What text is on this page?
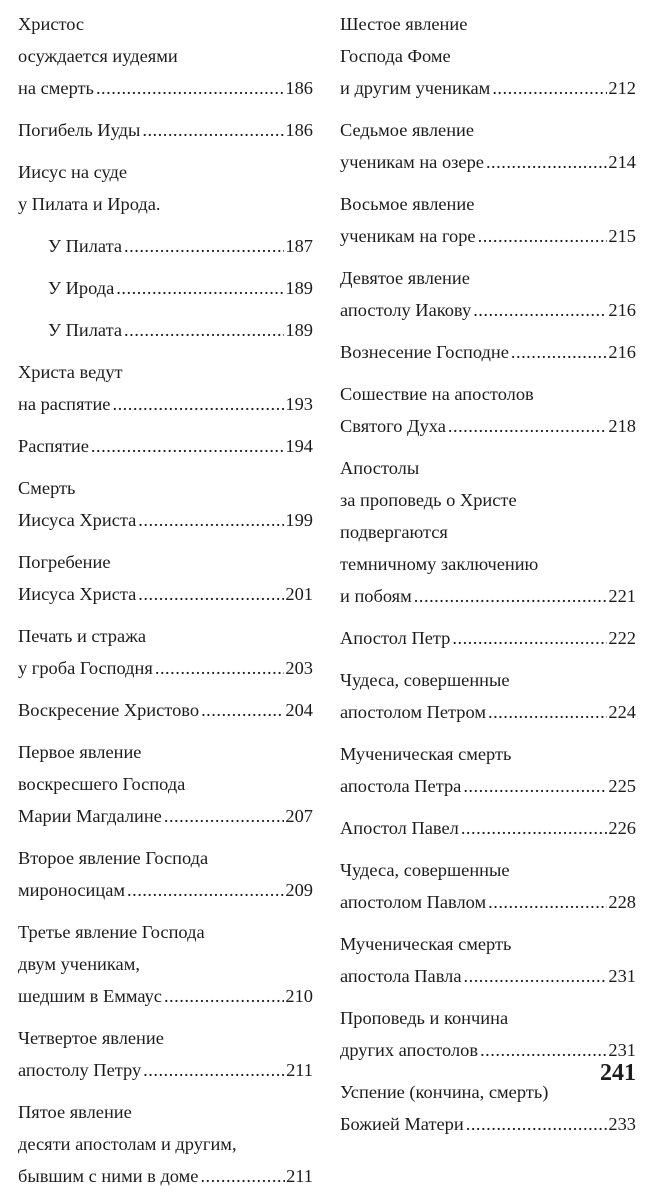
Христос
осуждается иудеями
на смерть .....	186
Погибель Иуды .....	186
Иисус на суде
у Пилата и Ирода.
У Пилата .....	187
У Ирода .....	189
У Пилата .....	189
Христа ведут
на распятие .....	193
Распятие .....	194
Смерть
Иисуса Христа .....	199
Погребение
Иисуса Христа .....	201
Печать и стража
у гроба Господня .....	203
Воскресение Христово .....	204
Первое явление
воскресшего Господа
Марии Магдалине .....	207
Второе явление Господа
мироносицам .....	209
Третье явление Господа
двум ученикам,
шедшим в Еммаус .....	210
Четвертое явление
апостолу Петру .....	211
Пятое явление
десяти апостолам и другим,
бывшим с ними в доме .....	211
Шестое явление
Господа Фоме
и другим ученикам .....	212
Седьмое явление
ученикам на озере .....	214
Восьмое явление
ученикам на горе .....	215
Девятое явление
апостолу Иакову .....	216
Вознесение Господне .....	216
Сошествие на апостолов
Святого Духа .....	218
Апостолы
за проповедь о Христе
подвергаются
темничному заключению
и побоям .....	221
Апостол Петр .....	222
Чудеса, совершенные
апостолом Петром .....	224
Мученическая смерть
апостола Петра .....	225
Апостол Павел .....	226
Чудеса, совершенные
апостолом Павлом .....	228
Мученическая смерть
апостола Павла .....	231
Проповедь и кончина
других апостолов .....	231
Успение (кончина, смерть)
Божией Матери .....	233
241
